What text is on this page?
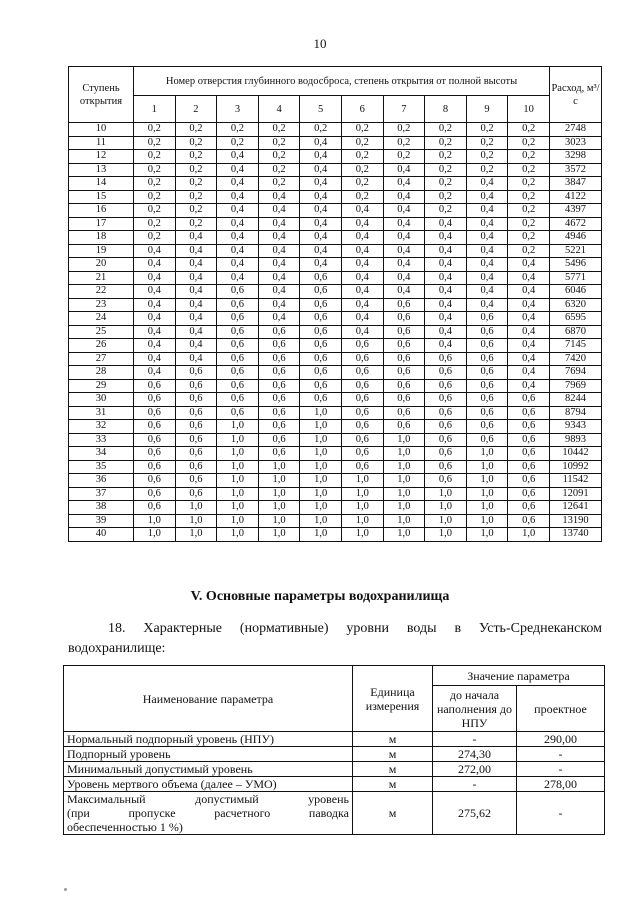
10
Ступень открытия	Номер отверстия глубинного водосброса, степень открытия от полной высоты										Расход, м³/с
	1	2	3	4	5	6	7	8	9	10	
10	0,2	0,2	0,2	0,2	0,2	0,2	0,2	0,2	0,2	0,2	2748
11	0,2	0,2	0,2	0,2	0,4	0,2	0,2	0,2	0,2	0,2	3023
12	0,2	0,2	0,4	0,2	0,4	0,2	0,2	0,2	0,2	0,2	3298
13	0,2	0,2	0,4	0,2	0,4	0,2	0,4	0,2	0,2	0,2	3572
14	0,2	0,2	0,4	0,2	0,4	0,2	0,4	0,2	0,4	0,2	3847
15	0,2	0,2	0,4	0,4	0,4	0,2	0,4	0,2	0,4	0,2	4122
16	0,2	0,2	0,4	0,4	0,4	0,4	0,4	0,2	0,4	0,2	4397
17	0,2	0,2	0,4	0,4	0,4	0,4	0,4	0,4	0,4	0,2	4672
18	0,2	0,4	0,4	0,4	0,4	0,4	0,4	0,4	0,4	0,2	4946
19	0,4	0,4	0,4	0,4	0,4	0,4	0,4	0,4	0,4	0,2	5221
20	0,4	0,4	0,4	0,4	0,4	0,4	0,4	0,4	0,4	0,4	5496
21	0,4	0,4	0,4	0,4	0,6	0,4	0,4	0,4	0,4	0,4	5771
22	0,4	0,4	0,6	0,4	0,6	0,4	0,4	0,4	0,4	0,4	6046
23	0,4	0,4	0,6	0,4	0,6	0,4	0,6	0,4	0,4	0,4	6320
24	0,4	0,4	0,6	0,4	0,6	0,4	0,6	0,4	0,6	0,4	6595
25	0,4	0,4	0,6	0,6	0,6	0,4	0,6	0,4	0,6	0,4	6870
26	0,4	0,4	0,6	0,6	0,6	0,6	0,6	0,4	0,6	0,4	7145
27	0,4	0,4	0,6	0,6	0,6	0,6	0,6	0,6	0,6	0,4	7420
28	0,4	0,6	0,6	0,6	0,6	0,6	0,6	0,6	0,6	0,4	7694
29	0,6	0,6	0,6	0,6	0,6	0,6	0,6	0,6	0,6	0,4	7969
30	0,6	0,6	0,6	0,6	0,6	0,6	0,6	0,6	0,6	0,6	8244
31	0,6	0,6	0,6	0,6	1,0	0,6	0,6	0,6	0,6	0,6	8794
32	0,6	0,6	1,0	0,6	1,0	0,6	0,6	0,6	0,6	0,6	9343
33	0,6	0,6	1,0	0,6	1,0	0,6	1,0	0,6	0,6	0,6	9893
34	0,6	0,6	1,0	0,6	1,0	0,6	1,0	0,6	1,0	0,6	10442
35	0,6	0,6	1,0	1,0	1,0	0,6	1,0	0,6	1,0	0,6	10992
36	0,6	0,6	1,0	1,0	1,0	1,0	1,0	0,6	1,0	0,6	11542
37	0,6	0,6	1,0	1,0	1,0	1,0	1,0	1,0	1,0	0,6	12091
38	0,6	1,0	1,0	1,0	1,0	1,0	1,0	1,0	1,0	0,6	12641
39	1,0	1,0	1,0	1,0	1,0	1,0	1,0	1,0	1,0	0,6	13190
40	1,0	1,0	1,0	1,0	1,0	1,0	1,0	1,0	1,0	1,0	13740
V. Основные параметры водохранилища
18. Характерные (нормативные) уровни воды в Усть-Среднеканском
водохранилище:
Наименование параметра	Единица измерения	Значение параметра	
		до начала наполнения до НПУ	проектное
Нормальный подпорный уровень (НПУ)	м	-	290,00
Подпорный уровень	м	274,30	-
Минимальный допустимый уровень	м	272,00	-
Уровень мертвого объема (далее – УМО)	м	-	278,00

Максимальный допустимый уровень
(при пропуске расчетного паводка
обеспеченностью 1 %)	м	275,62	-
